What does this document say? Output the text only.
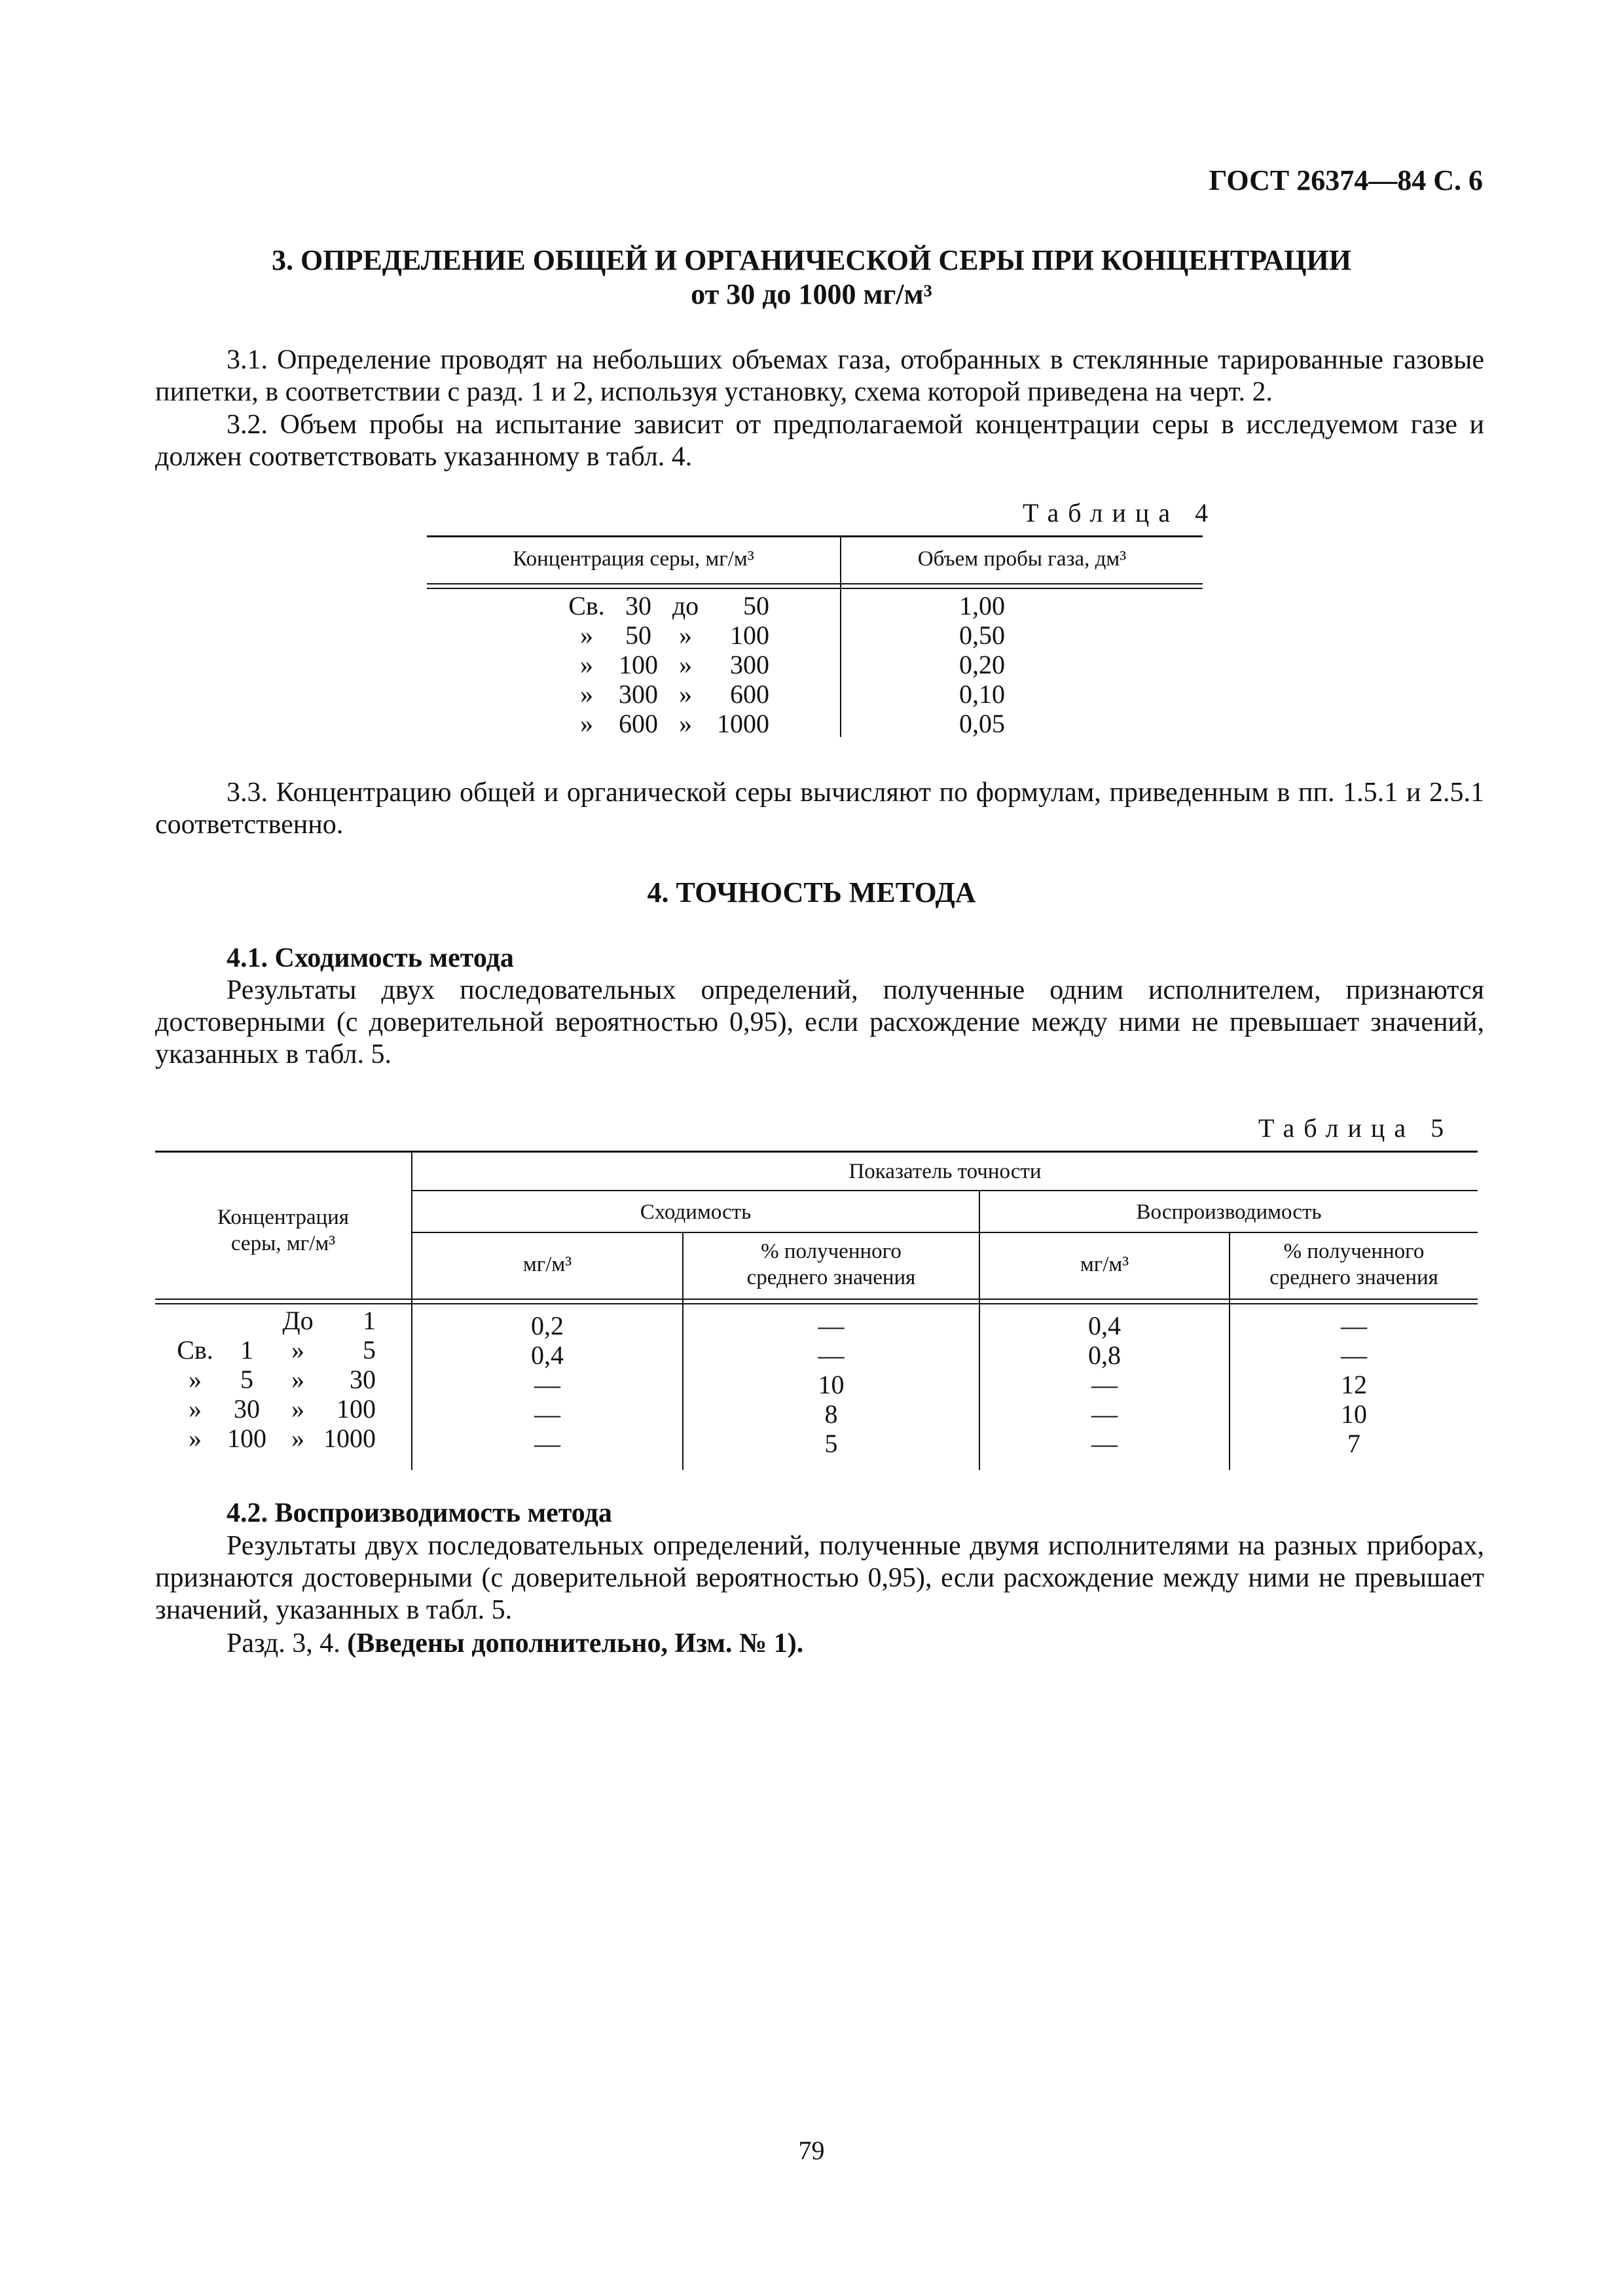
ГОСТ 26374—84 С. 6
3. ОПРЕДЕЛЕНИЕ ОБЩЕЙ И ОРГАНИЧЕСКОЙ СЕРЫ ПРИ КОНЦЕНТРАЦИИ
от 30 до 1000 мг/м³

3.1. Определение проводят на небольших объемах газа, отобранных в стеклянные тарированные газовые пипетки, в соответствии с разд. 1 и 2, используя установку, схема которой приведена на черт. 2.

3.2. Объем пробы на испытание зависит от предполагаемой концентрации серы в исследуемом газе и должен соответствовать указанному в табл. 4.

Таблица 4
Концентрация серы, мг/м³	Объем пробы газа, дм³
Св. 30 до	50	1,00
»	50	»	100	0,50
» 100 »	300	0,20
» 300 »	600	0,10
» 600 » 1000	0,05

3.3. Концентрацию общей и органической серы вычисляют по формулам, приведенным в пп. 1.5.1 и 2.5.1 соответственно.

4. ТОЧНОСТЬ МЕТОДА
4.1. Сходимость метода

Результаты двух последовательных определений, полученные одним исполнителем, признаются достоверными (с доверительной вероятностью 0,95), если расхождение между ними не превышает значений, указанных в табл. 5.

Таблица 5
Концентрация
серы, мг/м³
Показатель точности
Сходимость	Воспроизводимость
мг/м³
% полученного
среднего значения
мг/м³
% полученного
среднего значения
До	1	0,2	—	0,4	—
Св.	1	»	5	0,4	—	0,8	—
»	5	»	30	—	10	—	12
»	30	»	100	—	8	—	10
» 100 » 1000	—	5	—	7
4.2. Воспроизводимость метода

Результаты двух последовательных определений, полученные двумя исполнителями на разных приборах, признаются достоверными (с доверительной вероятностью 0,95), если расхождение между ними не превышает значений, указанных в табл. 5.

Разд. 3, 4. (Введены дополнительно, Изм. № 1).
79
